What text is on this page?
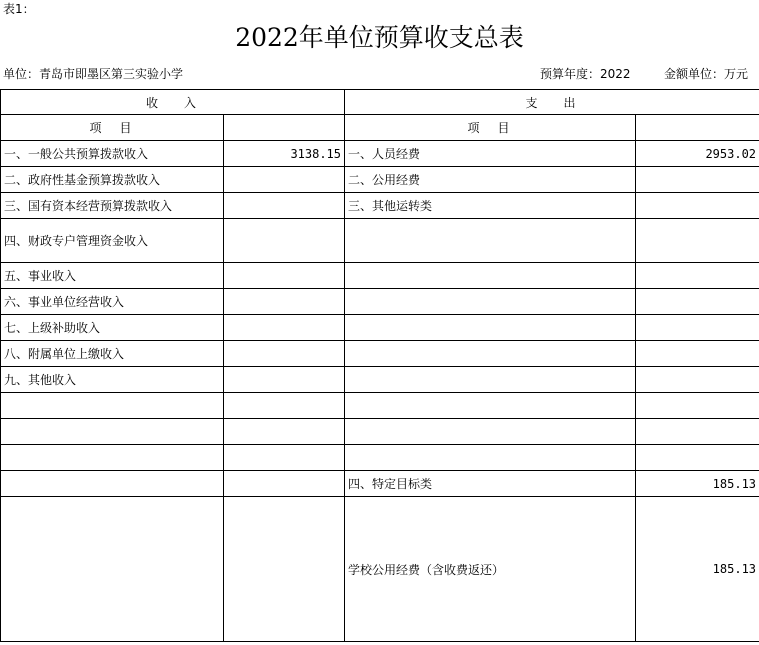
表1：
2022年单位预算收支总表
单位：青岛市即墨区第三实验小学	预算年度：2022	金额单位：万元
收入		支出	
项目		项目	
一、一般公共预算拨款收入	3138.15	一、人员经费	2953.02
二、政府性基金预算拨款收入		二、公用经费	
三、国有资本经营预算拨款收入		三、其他运转类	
四、财政专户管理资金收入			
五、事业收入			
六、事业单位经营收入			
七、上级补助收入			
八、附属单位上缴收入			
九、其他收入			

		四、特定目标类	185.13
		学校公用经费（含收费返还）	185.13
